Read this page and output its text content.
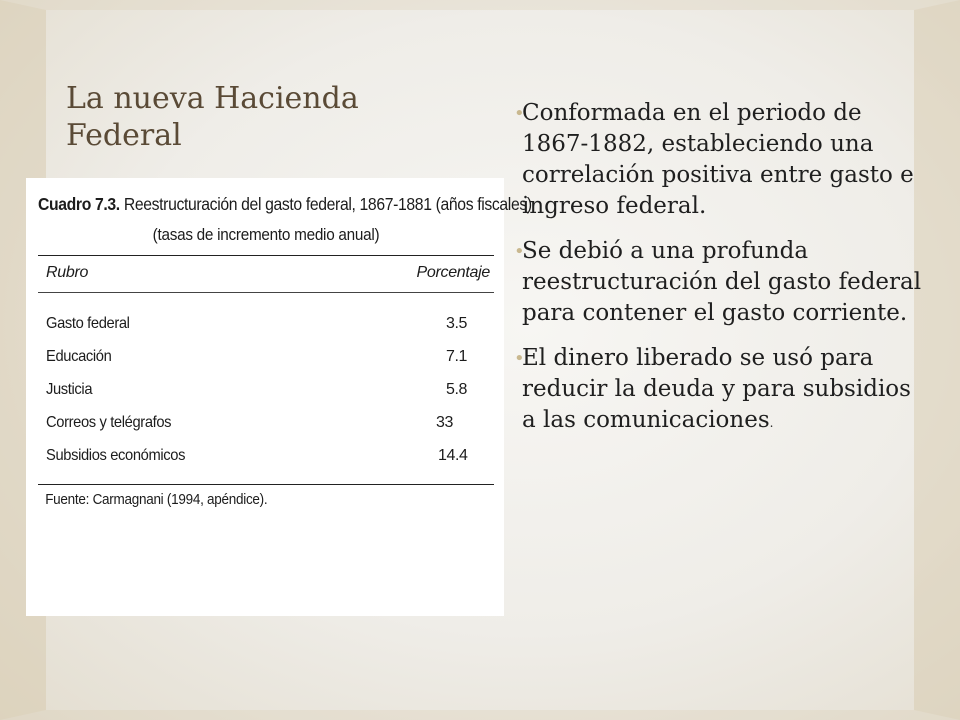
La nueva Hacienda
Federal
Cuadro 7.3. Reestructuración del gasto federal, 1867-1881 (años fiscales)
(tasas de incremento medio anual)
Rubro	Porcentaje
Gasto federal	3.5
Educación	7.1
Justicia	5.8
Correos y telégrafos	33
Subsidios económicos	14.4
Fuente: Carmagnani (1994, apéndice).
•
Conformada en el periodo de 1867-1882, estableciendo una correlación positiva entre gasto e ingreso federal.
•
Se debió a una profunda reestructuración del gasto federal para contener el gasto corriente.
•
El dinero liberado se usó para reducir la deuda y para subsidios a las comunicaciones.
